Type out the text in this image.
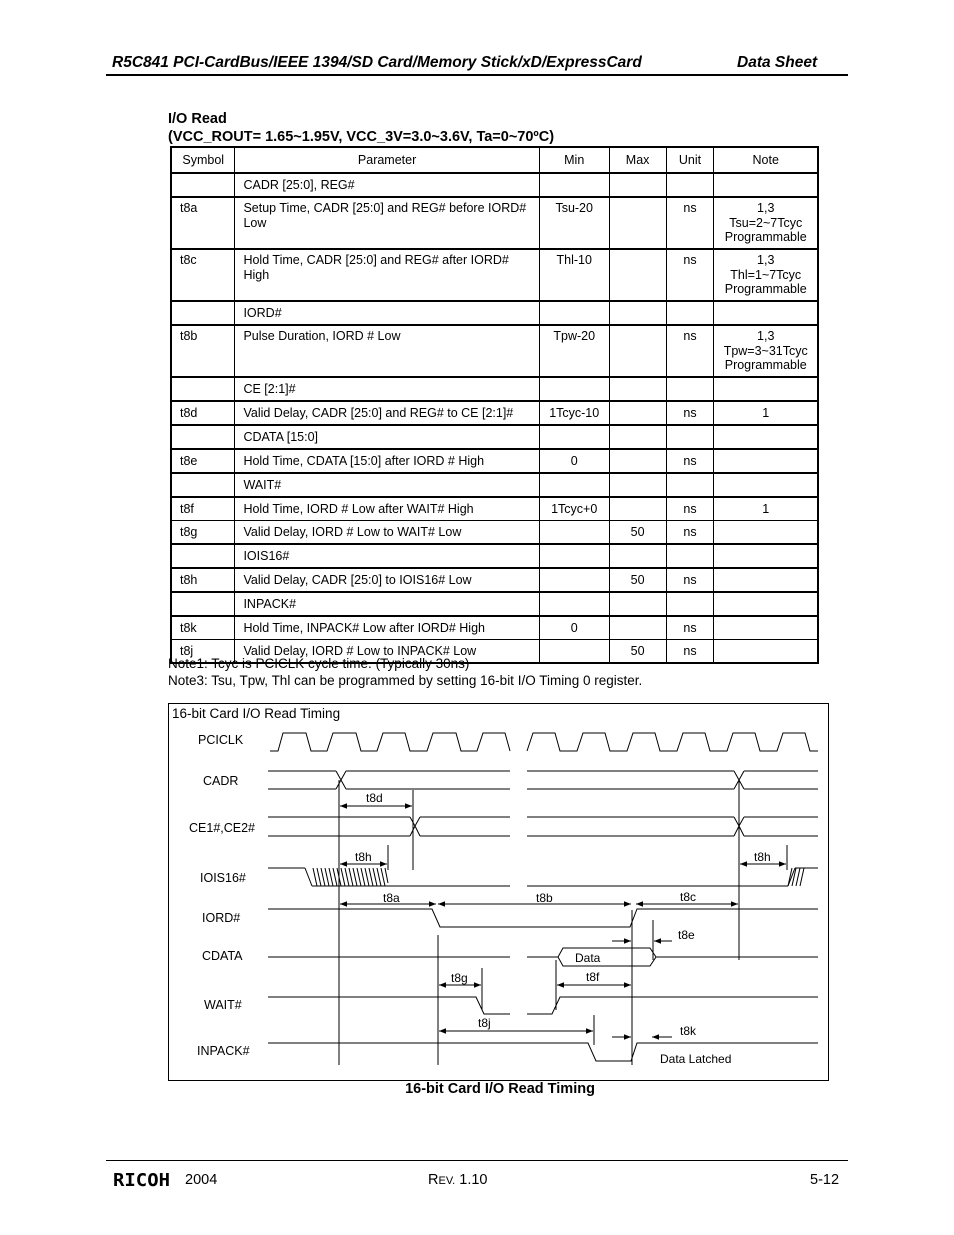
R5C841 PCI-CardBus/IEEE 1394/SD Card/Memory Stick/xD/ExpressCard	Data Sheet
I/O Read
(VCC_ROUT= 1.65~1.95V, VCC_3V=3.0~3.6V, Ta=0~70ºC)
Symbol	Parameter	Min	Max	Unit	Note
	CADR [25:0], REG#				
t8a	Setup Time, CADR [25:0] and REG# before IORD# Low	Tsu-20		ns	1,3
Tsu=2~7Tcyc
Programmable

t8c	Hold Time, CADR [25:0] and REG# after IORD# High	Thl-10		ns	1,3
Thl=1~7Tcyc
Programmable

	IORD#				
t8b	Pulse Duration, IORD # Low	Tpw-20		ns	1,3
Tpw=3~31Tcyc
Programmable

	CE [2:1]#				
t8d	Valid Delay, CADR [25:0] and REG# to CE [2:1]#	1Tcyc-10		ns	1

	CDATA [15:0]				
t8e	Hold Time, CDATA [15:0] after IORD # High	0		ns	

	WAIT#				
t8f	Hold Time, IORD # Low after WAIT# High	1Tcyc+0		ns	1

t8g	Valid Delay, IORD # Low to WAIT# Low		50	ns	

	IOIS16#				
t8h	Valid Delay, CADR [25:0] to IOIS16# Low		50	ns	

	INPACK#				
t8k	Hold Time, INPACK# Low after IORD# High	0		ns	

t8j	Valid Delay, IORD # Low to INPACK# Low		50	ns	
Note1: Tcyc is PCICLK cycle time. (Typically 30ns)
Note3: Tsu, Tpw, Thl can be programmed by setting 16-bit I/O Timing 0 register.
16-bit Card I/O Read Timing
PCICLK
CADR
CE1#,CE2#
IOIS16#
IORD#
CDATA
WAIT#
INPACK#
t8d
t8h	t8h
t8a	t8b	t8c
t8e
t8f
t8g
t8j
t8k
Data
Data Latched
16-bit Card I/O Read Timing
RICOH 2004	REV. 1.10	5-12
